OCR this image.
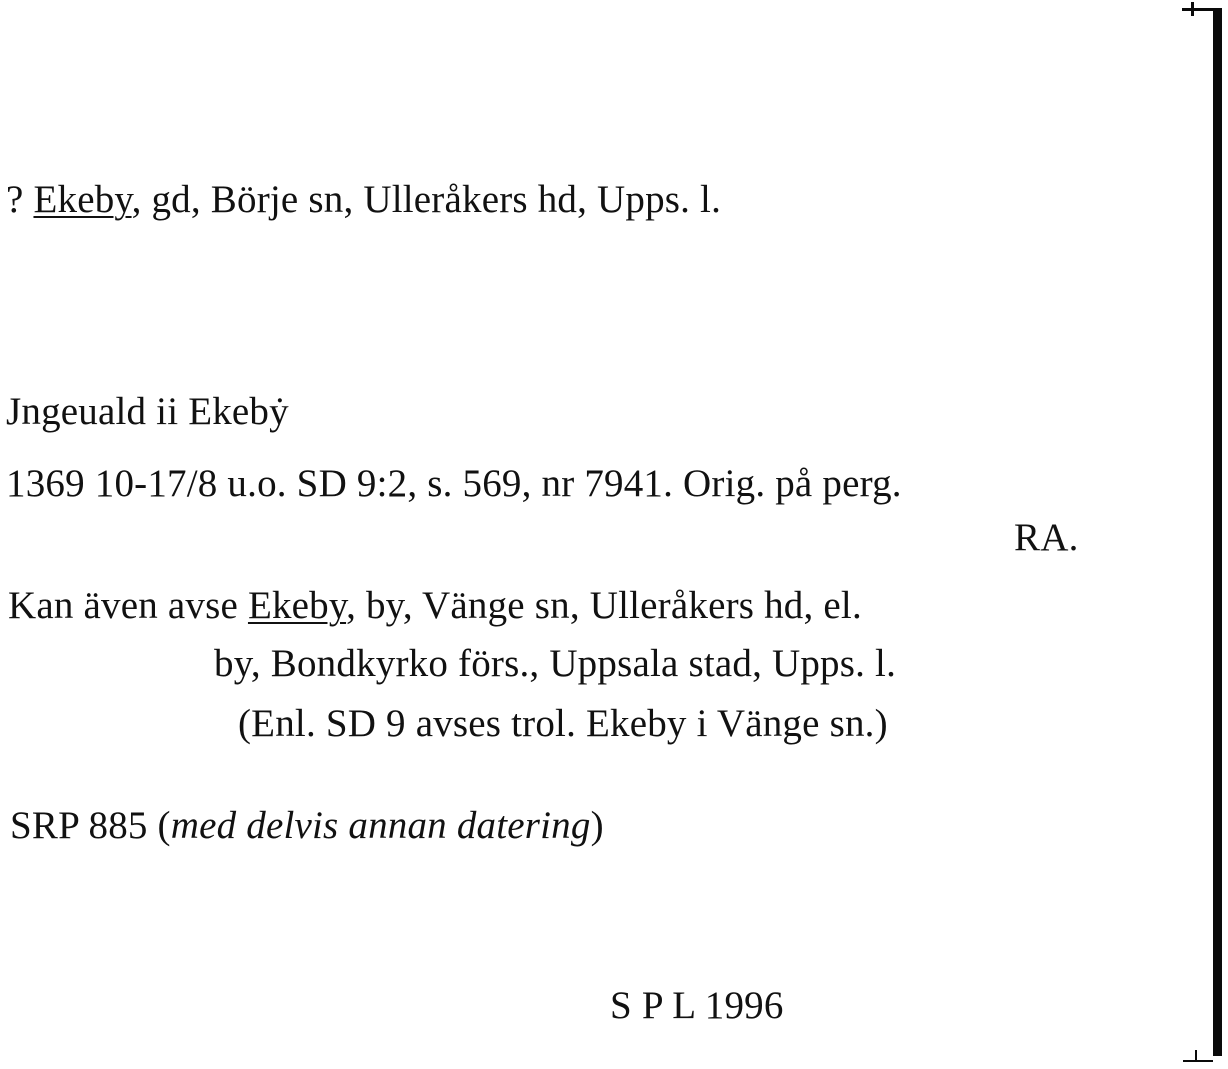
? Ekeby, gd, Börje sn, Ulleråkers hd, Upps. l.
Jngeuald ii Ekebẏ
1369 10-17/8 u.o. SD 9:2, s. 569, nr 7941. Orig. på perg.
RA.
Kan även avse Ekeby, by, Vänge sn, Ulleråkers hd, el.
by, Bondkyrko förs., Uppsala stad, Upps. l.
(Enl. SD 9 avses trol. Ekeby i Vänge sn.)
SRP 885 (med delvis annan datering)
S P L 1996
